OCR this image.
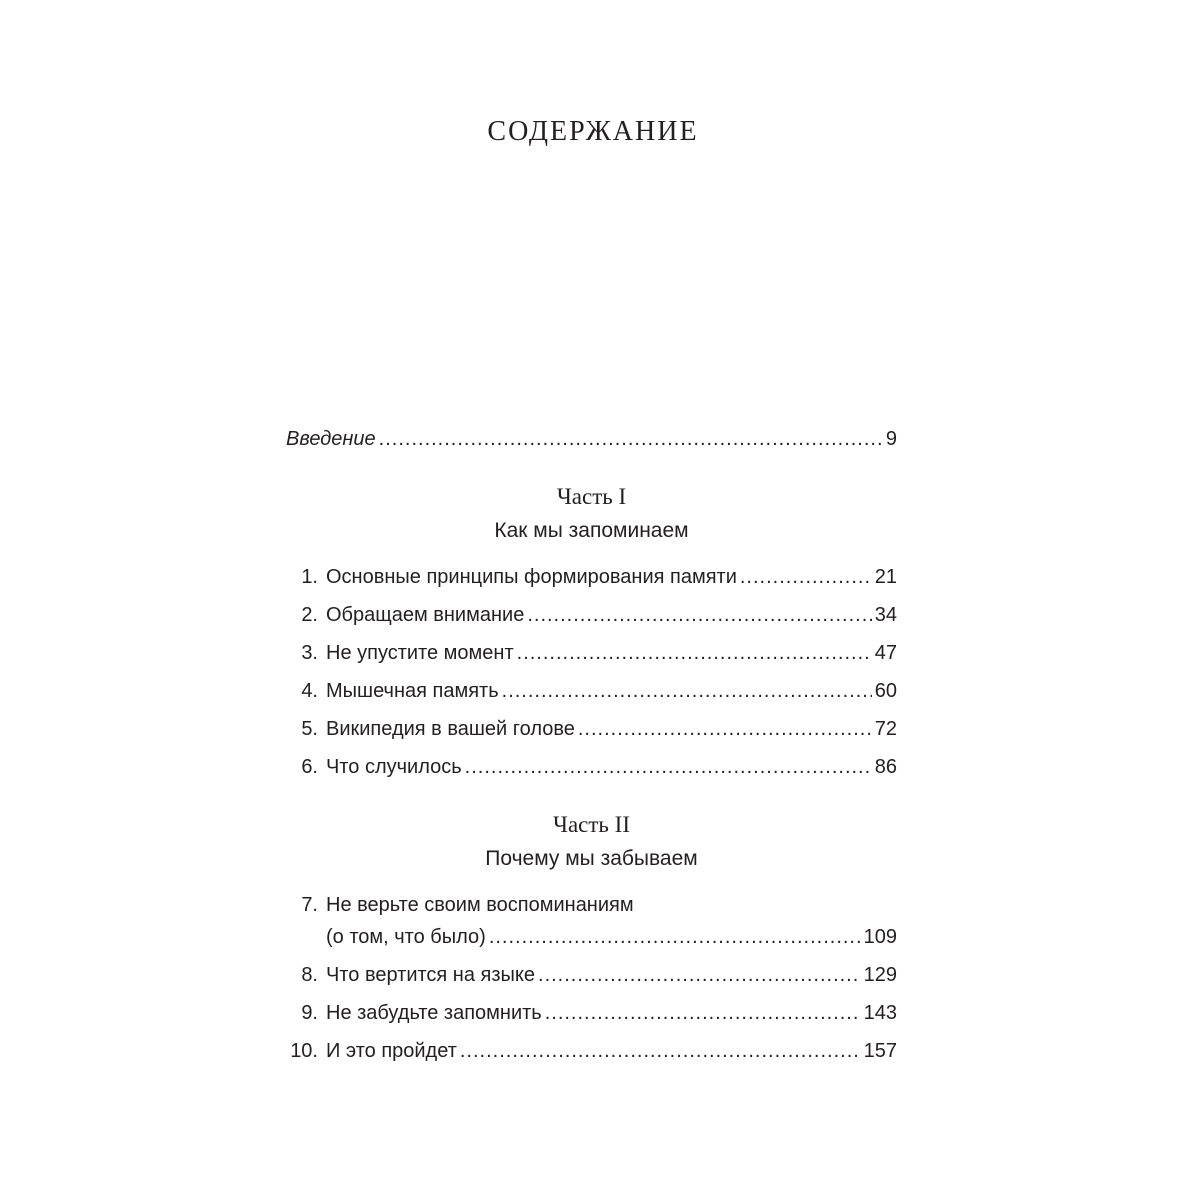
СОДЕРЖАНИЕ
Введение .....	9
Часть I
Как мы запоминаем
1. Основные принципы формирования памяти .....	21
2. Обращаем внимание .....	34
3. Не упустите момент .....	47
4. Мышечная память .....	60
5. Википедия в вашей голове .....	72
6. Что случилось .....	86
Часть II
Почему мы забываем
7. Не верьте своим воспоминаниям
(о том, что было) .....	109
8. Что вертится на языке .....	129
9. Не забудьте запомнить .....	143
10. И это пройдет .....	157
